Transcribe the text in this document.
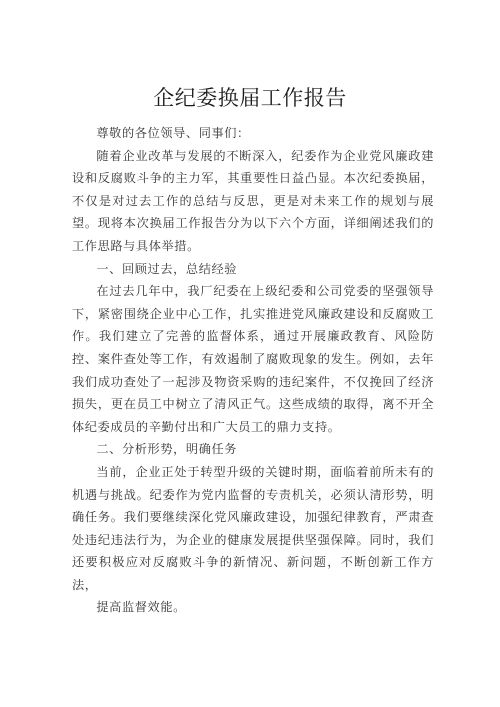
企纪委换届工作报告

尊敬的各位领导、同事们：

随着企业改革与发展的不断深入，纪委作为企业党风廉政建设和反腐败斗争的主力军，其重要性日益凸显。本次纪委换届，不仅是对过去工作的总结与反思，更是对未来工作的规划与展望。现将本次换届工作报告分为以下六个方面，详细阐述我们的工作思路与具体举措。

一、回顾过去，总结经验

在过去几年中，我厂纪委在上级纪委和公司党委的坚强领导下，紧密围绕企业中心工作，扎实推进党风廉政建设和反腐败工作。我们建立了完善的监督体系，通过开展廉政教育、风险防控、案件查处等工作，有效遏制了腐败现象的发生。例如，去年我们成功查处了一起涉及物资采购的违纪案件，不仅挽回了经济损失，更在员工中树立了清风正气。这些成绩的取得，离不开全体纪委成员的辛勤付出和广大员工的鼎力支持。

二、分析形势，明确任务

当前，企业正处于转型升级的关键时期，面临着前所未有的机遇与挑战。纪委作为党内监督的专责机关，必须认清形势，明确任务。我们要继续深化党风廉政建设，加强纪律教育，严肃查处违纪违法行为，为企业的健康发展提供坚强保障。同时，我们还要积极应对反腐败斗争的新情况、新问题，不断创新工作方法，

提高监督效能。
